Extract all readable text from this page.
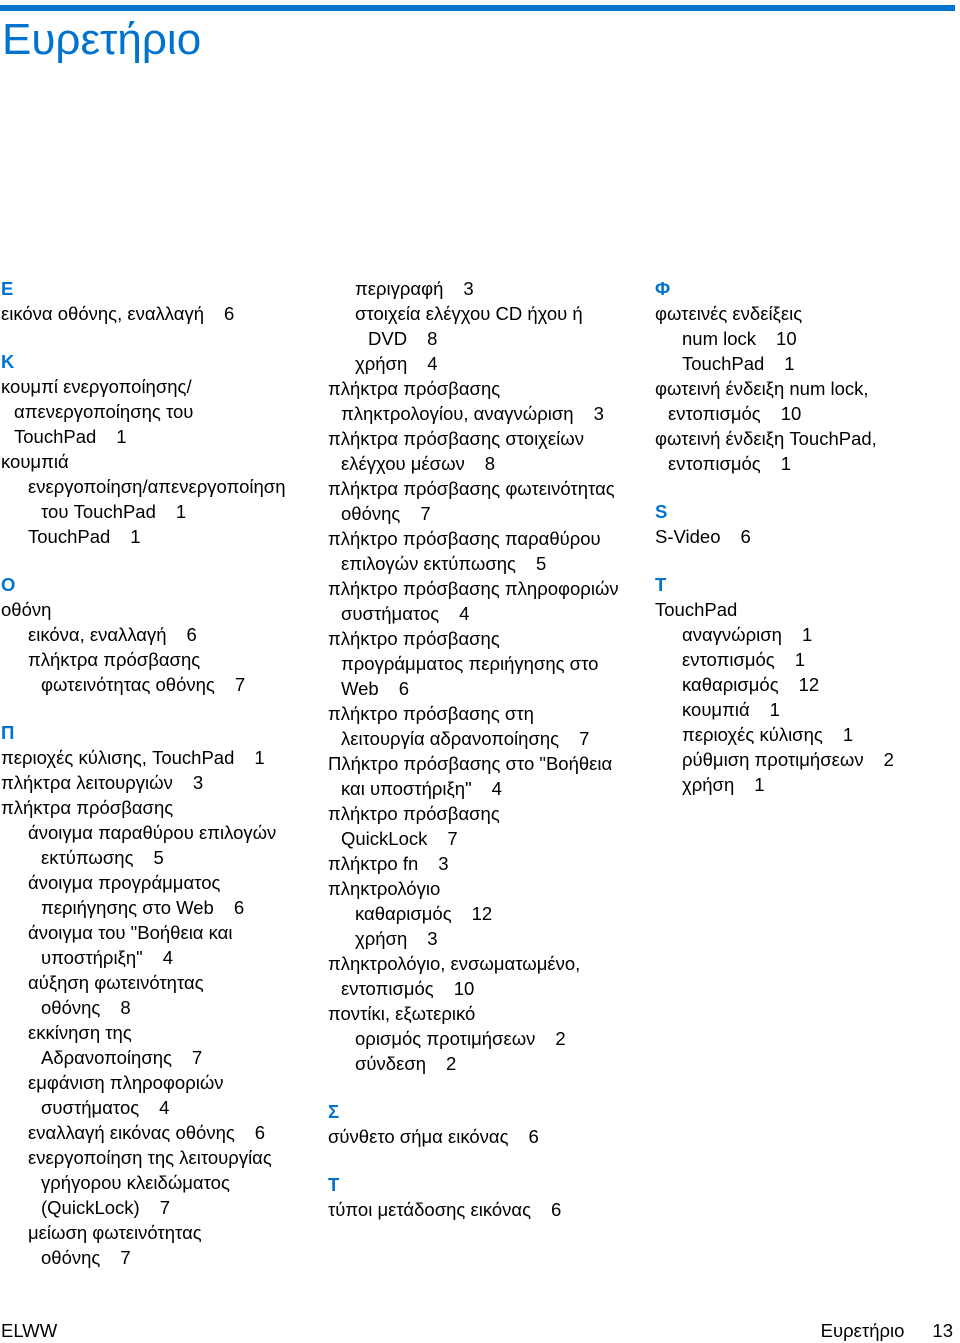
Ευρετήριο
Ε
εικόνα οθόνης, εναλλαγή 6
Κ
κουμπί ενεργοποίησης/
απενεργοποίησης του
TouchPad 1
κουμπιά
ενεργοποίηση/απενεργοποίηση
του TouchPad 1
TouchPad 1
Ο
οθόνη
εικόνα, εναλλαγή 6
πλήκτρα πρόσβασης
φωτεινότητας οθόνης 7
Π
περιοχές κύλισης, TouchPad 1
πλήκτρα λειτουργιών 3
πλήκτρα πρόσβασης
άνοιγμα παραθύρου επιλογών
εκτύπωσης 5
άνοιγμα προγράμματος
περιήγησης στο Web 6
άνοιγμα του "Βοήθεια και
υποστήριξη" 4
αύξηση φωτεινότητας
οθόνης 8
εκκίνηση της
Αδρανοποίησης 7
εμφάνιση πληροφοριών
συστήματος 4
εναλλαγή εικόνας οθόνης 6
ενεργοποίηση της λειτουργίας
γρήγορου κλειδώματος
(QuickLock) 7
μείωση φωτεινότητας
οθόνης 7
περιγραφή 3
στοιχεία ελέγχου CD ήχου ή
DVD 8
χρήση 4
πλήκτρα πρόσβασης
πληκτρολογίου, αναγνώριση 3
πλήκτρα πρόσβασης στοιχείων
ελέγχου μέσων 8
πλήκτρα πρόσβασης φωτεινότητας
οθόνης 7
πλήκτρο πρόσβασης παραθύρου
επιλογών εκτύπωσης 5
πλήκτρο πρόσβασης πληροφοριών
συστήματος 4
πλήκτρο πρόσβασης
προγράμματος περιήγησης στο
Web 6
πλήκτρο πρόσβασης στη
λειτουργία αδρανοποίησης 7
Πλήκτρο πρόσβασης στο "Βοήθεια
και υποστήριξη" 4
πλήκτρο πρόσβασης
QuickLock 7
πλήκτρο fn 3
πληκτρολόγιο
καθαρισμός 12
χρήση 3
πληκτρολόγιο, ενσωματωμένο,
εντοπισμός 10
ποντίκι, εξωτερικό
ορισμός προτιμήσεων 2
σύνδεση 2
Σ
σύνθετο σήμα εικόνας 6
Τ
τύποι μετάδοσης εικόνας 6
Φ
φωτεινές ενδείξεις
num lock 10
TouchPad 1
φωτεινή ένδειξη num lock,
εντοπισμός 10
φωτεινή ένδειξη TouchPad,
εντοπισμός 1
S
S-Video 6
T
TouchPad
αναγνώριση 1
εντοπισμός 1
καθαρισμός 12
κουμπιά 1
περιοχές κύλισης 1
ρύθμιση προτιμήσεων 2
χρήση 1
ELWW	Ευρετήριο 13
